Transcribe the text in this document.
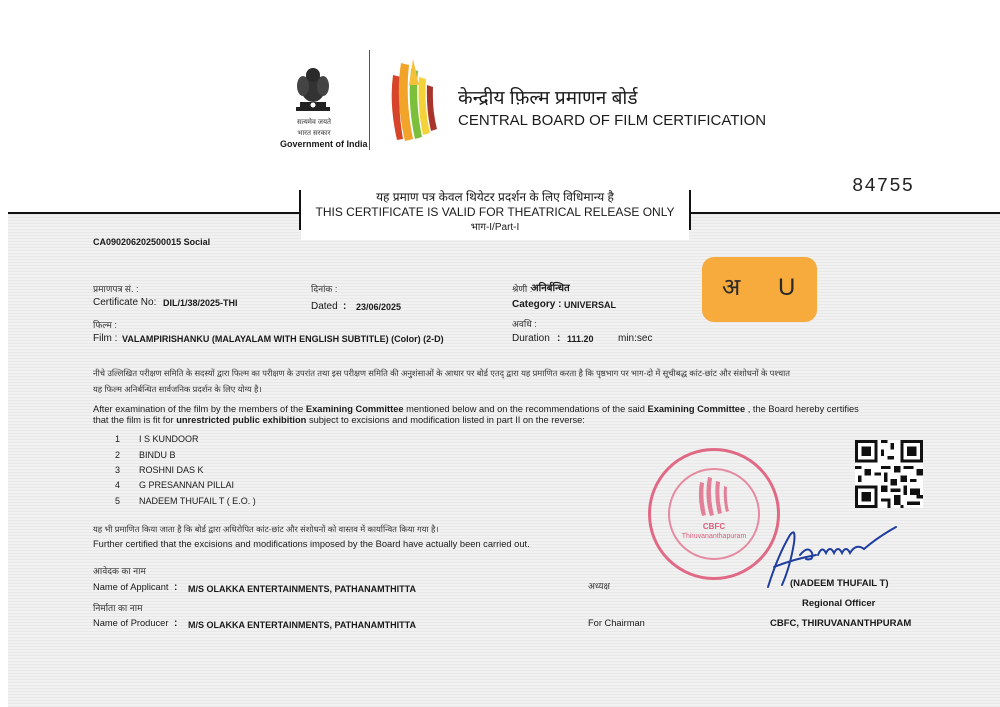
सत्यमेव जयते
भारत सरकार
Government of India
केन्द्रीय फ़िल्म प्रमाणन बोर्ड
CENTRAL BOARD OF FILM CERTIFICATION
84755
यह प्रमाण पत्र केवल थियेटर प्रदर्शन के लिए विधिमान्य है
THIS CERTIFICATE IS VALID FOR THEATRICAL RELEASE ONLY
भाग-I/Part-I
CA090206202500015 Social
प्रमाणपत्र सं. :
Certificate No: DIL/1/38/2025-THI
दिनांक :
Dated : 23/06/2025
श्रेणी :
अनिर्बन्धित
Category : UNIVERSAL
फिल्म :
Film : VALAMPIRISHANKU (MALAYALAM WITH ENGLISH SUBTITLE) (Color) (2-D)
अवधि :
Duration : 111.20 min:sec
अ U
नीचे उल्लिखित परीक्षण समिति के सदस्यों द्वारा फिल्म का परीक्षण के उपरांत तथा इस परीक्षण समिति की अनुशंसाओं के आधार पर बोर्ड एतद् द्वारा यह प्रमाणित करता है कि पृष्ठभाग पर भाग-दो में सूचीबद्ध कांट-छांट और संशोधनों के पश्चात
यह फिल्म अनिर्बन्धित सार्वजनिक प्रदर्शन के लिए योग्य है।
After examination of the film by the members of the Examining Committee mentioned below and on the recommendations of the said Examining Committee , the Board hereby certifies
that the film is fit for unrestricted public exhibition subject to excisions and modification listed in part II on the reverse:
1 I S KUNDOOR
2 BINDU B
3 ROSHNI DAS K
4 G PRESANNAN PILLAI
5 NADEEM THUFAIL T ( E.O. )
यह भी प्रमाणित किया जाता है कि बोर्ड द्वारा अधिरोपित कांट-छांट और संशोधनों को वास्तव में कार्यान्वित किया गया है।
Further certified that the excisions and modifications imposed by the Board have actually been carried out.
आवेदक का नाम
Name of Applicant : M/S OLAKKA ENTERTAINMENTS, PATHANAMTHITTA
निर्माता का नाम
Name of Producer : M/S OLAKKA ENTERTAINMENTS, PATHANAMTHITTA
अध्यक्ष
For Chairman
CBFC
Thiruvananthapuram
(NADEEM THUFAIL T)
Regional Officer
CBFC, THIRUVANANTHPURAM
